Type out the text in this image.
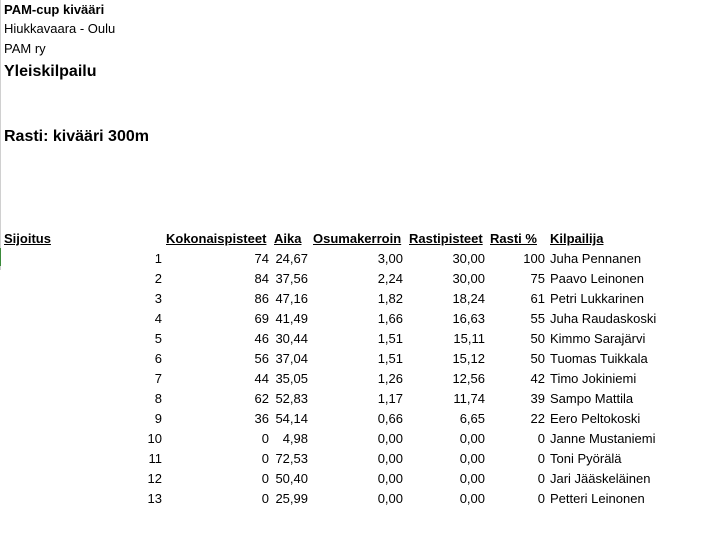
PAM-cup kivääri
Hiukkavaara - Oulu
PAM ry
Yleiskilpailu
Rasti: kivääri 300m
Sijoitus	Kokonaispisteet Aika Osumakerroin Rastipisteet Rasti % Kilpailija
1	74 24,67	3,00	30,00	100 Juha Pennanen
2	84 37,56	2,24	30,00	75 Paavo Leinonen
3	86 47,16	1,82	18,24	61 Petri Lukkarinen
4	69 41,49	1,66	16,63	55 Juha Raudaskoski
5	46 30,44	1,51	15,11	50 Kimmo Sarajärvi
6	56 37,04	1,51	15,12	50 Tuomas Tuikkala
7	44 35,05	1,26	12,56	42 Timo Jokiniemi
8	62 52,83	1,17	11,74	39 Sampo Mattila
9	36 54,14	0,66	6,65	22 Eero Peltokoski
10	0 4,98	0,00	0,00	0 Janne Mustaniemi
11	0 72,53	0,00	0,00	0 Toni Pyörälä
12	0 50,40	0,00	0,00	0 Jari Jääskeläinen
13	0 25,99	0,00	0,00	0 Petteri Leinonen
